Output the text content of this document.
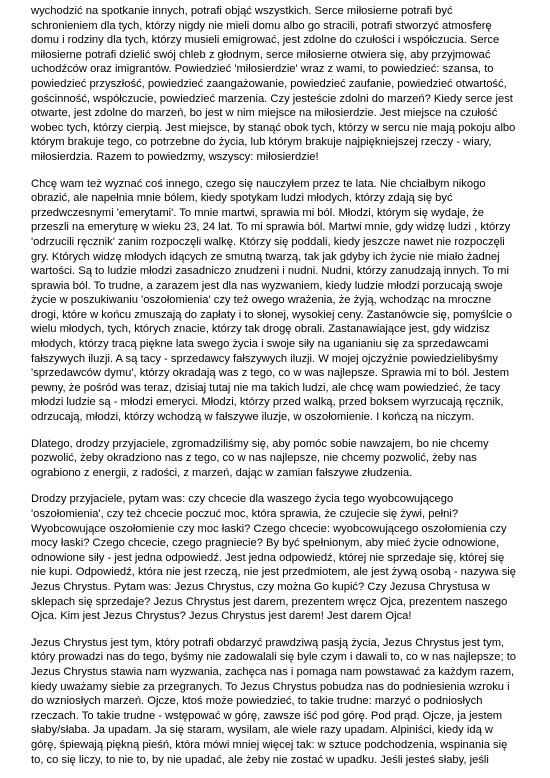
wychodzić na spotkanie innych, potrafi objąć wszystkich. Serce miłosierne potrafi być
schronieniem dla tych, którzy nigdy nie mieli domu albo go stracili, potrafi stworzyć atmosferę
domu i rodziny dla tych, którzy musieli emigrować, jest zdolne do czułości i współczucia. Serce
miłosierne potrafi dzielić swój chleb z głodnym, serce miłosierne otwiera się, aby przyjmować
uchodźców oraz imigrantów. Powiedzieć 'miłosierdzie' wraz z wami, to powiedzieć: szansa, to
powiedzieć przyszłość, powiedzieć zaangażowanie, powiedzieć zaufanie, powiedzieć otwartość,
gościnność, współczucie, powiedzieć marzenia. Czy jesteście zdolni do marzeń? Kiedy serce jest
otwarte, jest zdolne do marzeń, bo jest w nim miejsce na miłosierdzie. Jest miejsce na czułość
wobec tych, którzy cierpią. Jest miejsce, by stanąć obok tych, którzy w sercu nie mają pokoju albo
którym brakuje tego, co potrzebne do życia, lub którym brakuje najpiękniejszej rzeczy - wiary,
miłosierdzia. Razem to powiedzmy, wszyscy: miłosierdzie!
Chcę wam też wyznać coś innego, czego się nauczyłem przez te lata. Nie chciałbym nikogo
obrazić, ale napełnia mnie bólem, kiedy spotykam ludzi młodych, którzy zdają się być
przedwczesnymi 'emerytami'. To mnie martwi, sprawia mi ból. Młodzi, którym się wydaje, że
przeszli na emeryturę w wieku 23, 24 lat. To mi sprawia ból. Martwi mnie, gdy widzę ludzi , którzy
'odrzucili ręcznik' zanim rozpoczęli walkę. Którzy się poddali, kiedy jeszcze nawet nie rozpoczęli
gry. Których widzę młodych idących ze smutną twarzą, tak jak gdyby ich życie nie miało żadnej
wartości. Są to ludzie młodzi zasadniczo znudzeni i nudni. Nudni, którzy zanudzają innych. To mi
sprawia ból. To trudne, a zarazem jest dla nas wyzwaniem, kiedy ludzie młodzi porzucają swoje
życie w poszukiwaniu 'oszołomienia' czy też owego wrażenia, że żyją, wchodząc na mroczne
drogi, które w końcu zmuszają do zapłaty i to słonej, wysokiej ceny. Zastanówcie się, pomyślcie o
wielu młodych, tych, których znacie, którzy tak drogę obrali. Zastanawiające jest, gdy widzisz
młodych, którzy tracą piękne lata swego życia i swoje siły na uganianiu się za sprzedawcami
fałszywych iluzji. A są tacy - sprzedawcy fałszywych iluzji. W mojej ojczyźnie powiedzielibyśmy
'sprzedawców dymu', którzy okradają was z tego, co w was najlepsze. Sprawia mi to ból. Jestem
pewny, że pośród was teraz, dzisiaj tutaj nie ma takich ludzi, ale chcę wam powiedzieć, że tacy
młodzi ludzie są - młodzi emeryci. Młodzi, którzy przed walką, przed boksem wyrzucają ręcznik,
odrzucają, młodzi, którzy wchodzą w fałszywe iluzje, w oszołomienie. I kończą na niczym.
Dlatego, drodzy przyjaciele, zgromadziliśmy się, aby pomóc sobie nawzajem, bo nie chcemy
pozwolić, żeby okradziono nas z tego, co w nas najlepsze, nie chcemy pozwolić, żeby nas
ograbiono z energii, z radości, z marzeń, dając w zamian fałszywe złudzenia.
Drodzy przyjaciele, pytam was: czy chcecie dla waszego życia tego wyobcowującego
'oszołomienia', czy też chcecie poczuć moc, która sprawia, że czujecie się żywi, pełni?
Wyobcowujące oszołomienie czy moc łaski? Czego chcecie: wyobcowującego oszołomienia czy
mocy łaski? Czego chcecie, czego pragniecie? By być spełnionym, aby mieć życie odnowione,
odnowione siły - jest jedna odpowiedź. Jest jedna odpowiedź, której nie sprzedaje się, której się
nie kupi. Odpowiedź, która nie jest rzeczą, nie jest przedmiotem, ale jest żywą osobą - nazywa się
Jezus Chrystus. Pytam was: Jezus Chrystus, czy można Go kupić? Czy Jezusa Chrystusa w
sklepach się sprzedaje? Jezus Chrystus jest darem, prezentem wręcz Ojca, prezentem naszego
Ojca. Kim jest Jezus Chrystus? Jezus Chrystus jest darem! Jest darem Ojca!
Jezus Chrystus jest tym, który potrafi obdarzyć prawdziwą pasją życia, Jezus Chrystus jest tym,
który prowadzi nas do tego, byśmy nie zadowalali się byle czym i dawali to, co w nas najlepsze; to
Jezus Chrystus stawia nam wyzwania, zachęca nas i pomaga nam powstawać za każdym razem,
kiedy uważamy siebie za przegranych. To Jezus Chrystus pobudza nas do podniesienia wzroku i
do wzniosłych marzeń. Ojcze, ktoś może powiedzieć, to takie trudne: marzyć o podniosłych
rzeczach. To takie trudne - wstępować w górę, zawsze iść pod górę. Pod prąd. Ojcze, ja jestem
słaby/słaba. Ja upadam. Ja się staram, wysilam, ale wiele razy upadam. Alpiniści, kiedy idą w
górę, śpiewają piękną pieśń, która mówi mniej więcej tak: w sztuce podchodzenia, wspinania się
to, co się liczy, to nie to, by nie upadać, ale żeby nie zostać w upadku. Jeśli jesteś słaby, jeśli
